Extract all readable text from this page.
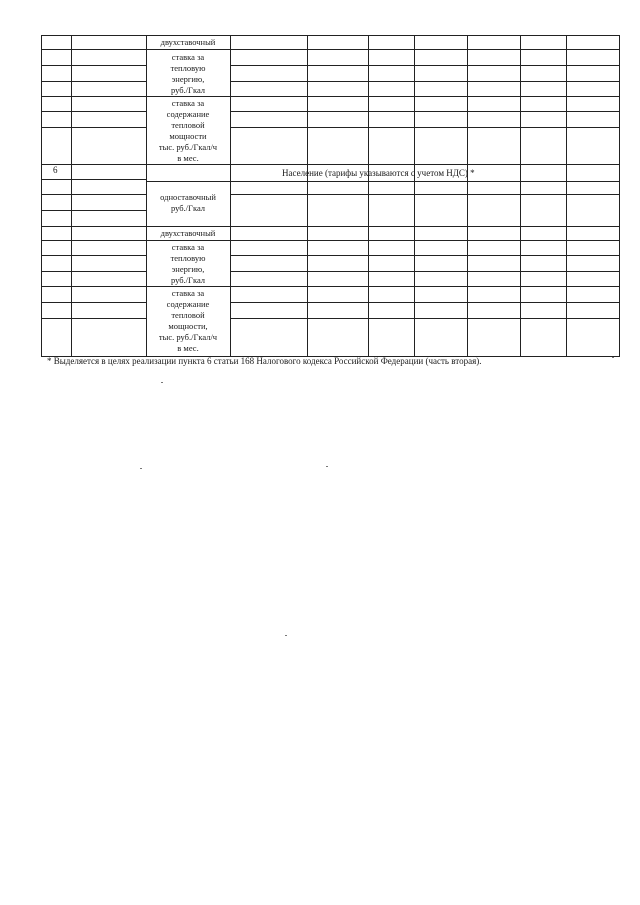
двухставочный
ставка за
тепловую
энергию,
руб./Гкал
ставка за
содержание
тепловой
мощности
тыс. руб./Гкал/ч
в мес.
6	Население (тарифы указываются с учетом НДС) *
одноставочный
руб./Гкал
двухставочный
ставка за
тепловую
энергию,
руб./Гкал
ставка за
содержание
тепловой
мощности,
тыс. руб./Гкал/ч
в мес.
* Выделяется в целях реализации пункта 6 статьи 168 Налогового кодекса Российской Федерации (часть вторая).
